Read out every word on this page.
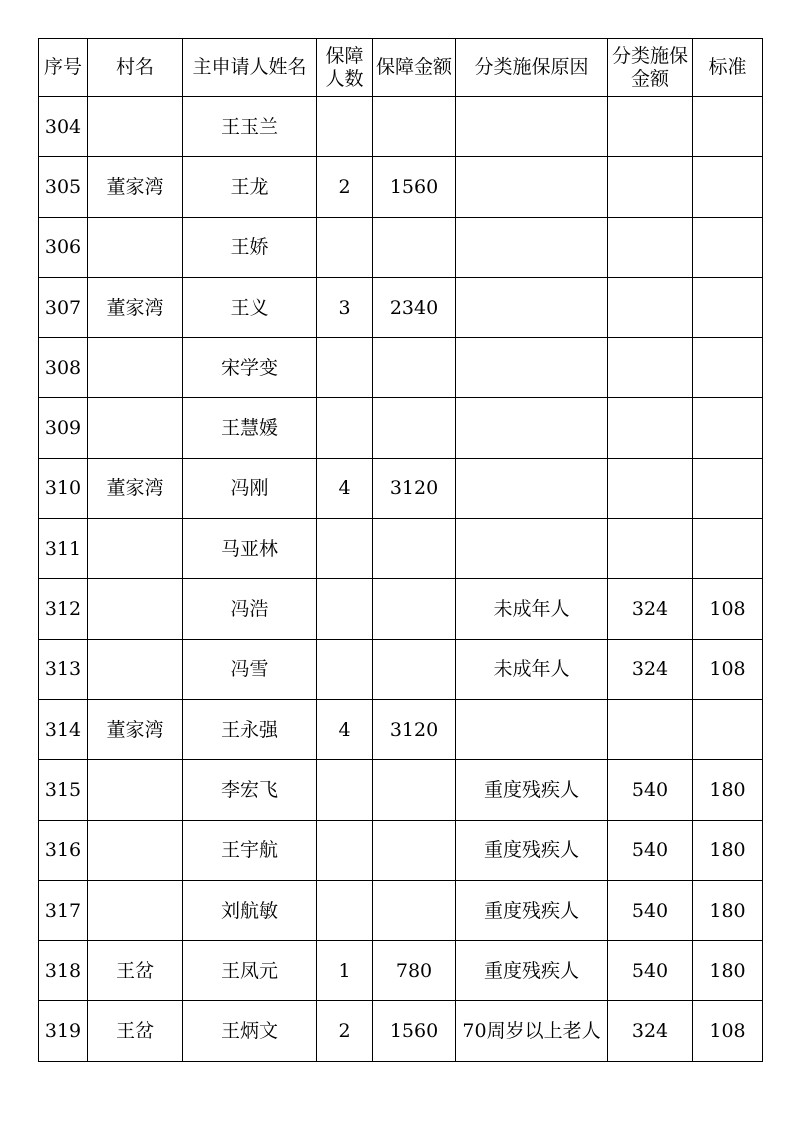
序号	村名	主申请人姓名	保障人数	保障金额	分类施保原因	分类施保金额	标准
304		王玉兰					
305	董家湾	王龙	2	1560			
306		王娇					
307	董家湾	王义	3	2340			
308		宋学变					
309		王慧媛					
310	董家湾	冯刚	4	3120			
311		马亚林					
312		冯浩			未成年人	324	108
313		冯雪			未成年人	324	108
314	董家湾	王永强	4	3120			
315		李宏飞			重度残疾人	540	180
316		王宇航			重度残疾人	540	180
317		刘航敏			重度残疾人	540	180
318	王岔	王凤元	1	780	重度残疾人	540	180
319	王岔	王炳文	2	1560	70周岁以上老人	324	108
